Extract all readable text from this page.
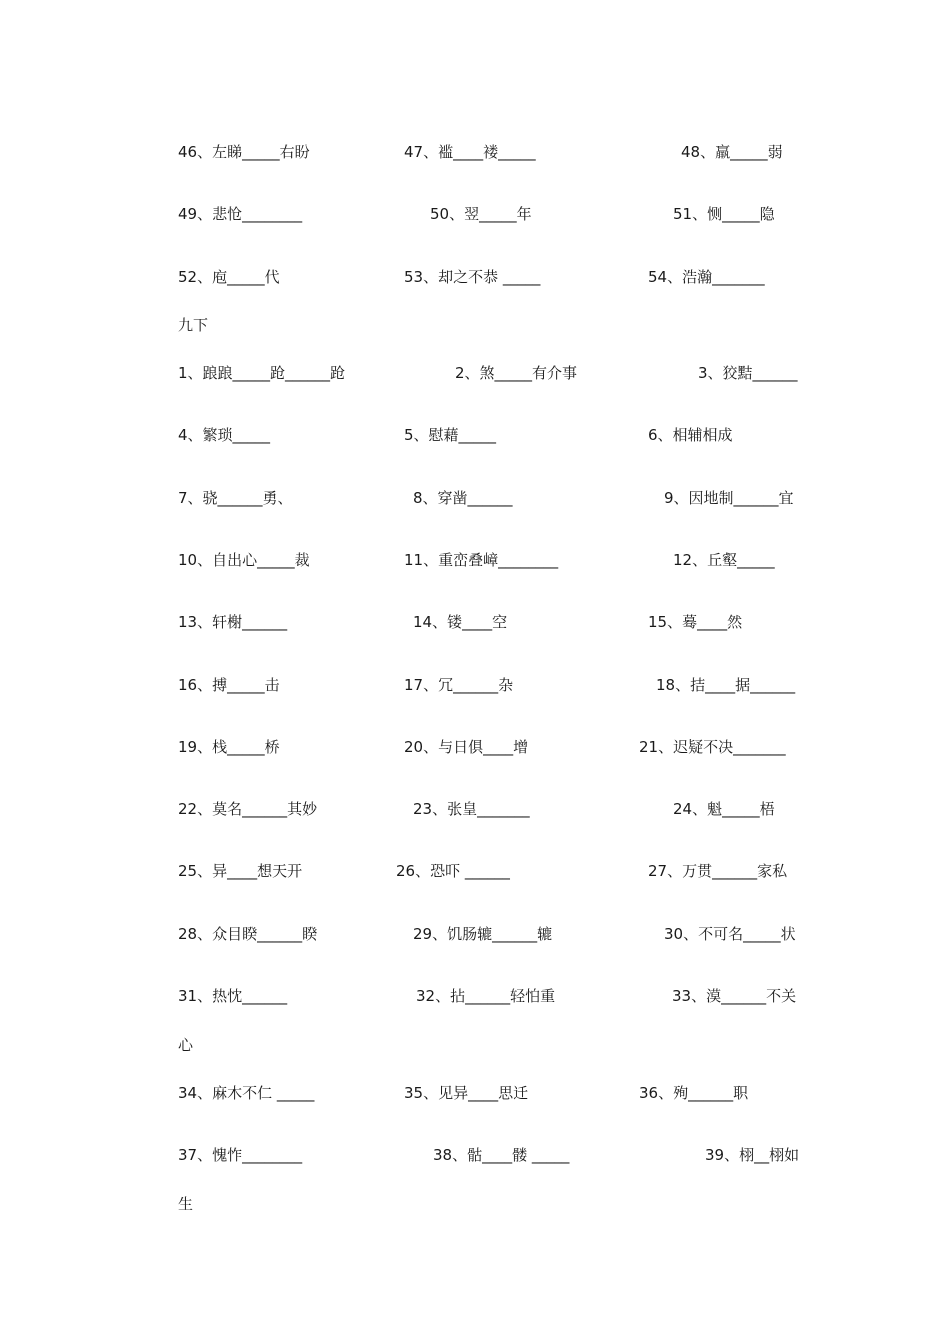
46、左睇_____右盼	47、褴____褛_____	48、羸_____弱
49、悲怆________	50、翌_____年	51、恻_____隐
52、庖_____代	53、却之不恭 _____	54、浩瀚_______
九下
1、踉踉_____跄______跄	2、煞_____有介事	3、狡黠______
4、繁琐_____	5、慰藉_____	6、相辅相成
7、骁______勇、	8、穿凿______	9、因地制______宜
10、自出心_____裁	11、重峦叠嶂________	12、丘壑_____
13、轩榭______	14、镂____空	15、蓦____然
16、搏_____击	17、冗______杂	18、拮____据______
19、栈_____桥	20、与日俱____增	21、迟疑不决_______
22、莫名______其妙	23、张皇_______	24、魁_____梧
25、异____想天开	26、恐吓 ______	27、万贯______家私
28、众目睽______睽	29、饥肠辘______辘	30、不可名_____状
31、热忱______	32、拈______轻怕重	33、漠______不关
心
34、麻木不仁 _____	35、见异____思迁	36、殉______职
37、愧怍________	38、骷____髅 _____	39、栩__栩如
生
